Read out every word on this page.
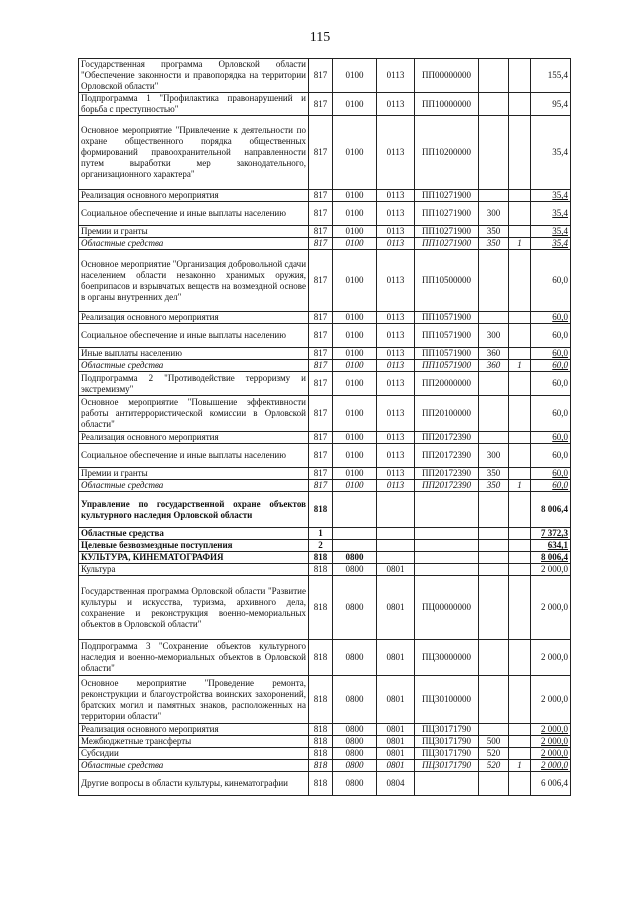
115
Государственная программа Орловской области "Обеспечение законности и правопорядка на территории Орловской области"	817	0100	0113	ПП00000000			155,4
Подпрограмма 1 "Профилактика правонарушений и борьба с преступностью"	817	0100	0113	ПП10000000			95,4
Основное мероприятие "Привлечение к деятельности по охране общественного порядка общественных формирований правоохранительной направленности путем выработки мер законодательного, организационного характера"	817	0100	0113	ПП10200000			35,4
Реализация основного мероприятия	817	0100	0113	ПП10271900			35,4
Социальное обеспечение и иные выплаты населению	817	0100	0113	ПП10271900	300		35,4
Премии и гранты	817	0100	0113	ПП10271900	350		35,4
Областные средства	817	0100	0113	ПП10271900	350	1	35,4
Основное мероприятие "Организация добровольной сдачи населением области незаконно хранимых оружия, боеприпасов и взрывчатых веществ на возмездной основе в органы внутренних дел"	817	0100	0113	ПП10500000			60,0
Реализация основного мероприятия	817	0100	0113	ПП10571900			60,0
Социальное обеспечение и иные выплаты населению	817	0100	0113	ПП10571900	300		60,0
Иные выплаты населению	817	0100	0113	ПП10571900	360		60,0
Областные средства	817	0100	0113	ПП10571900	360	1	60,0
Подпрограмма 2 "Противодействие терроризму и экстремизму"	817	0100	0113	ПП20000000			60,0
Основное мероприятие "Повышение эффективности работы антитеррористической комиссии в Орловской области"	817	0100	0113	ПП20100000			60,0
Реализация основного мероприятия	817	0100	0113	ПП20172390			60,0
Социальное обеспечение и иные выплаты населению	817	0100	0113	ПП20172390	300		60,0
Премии и гранты	817	0100	0113	ПП20172390	350		60,0
Областные средства	817	0100	0113	ПП20172390	350	1	60,0
Управление по государственной охране объектов культурного наследия Орловской области	818						8 006,4
Областные средства	1						7 372,3
Целевые безвозмездные поступления	2						634,1
КУЛЬТУРА, КИНЕМАТОГРАФИЯ	818	0800					8 006,4
Культура	818	0800	0801				2 000,0
Государственная программа Орловской области "Развитие культуры и искусства, туризма, архивного дела, сохранение и реконструкция военно-мемориальных объектов в Орловской области"	818	0800	0801	ПЦ00000000			2 000,0
Подпрограмма 3 "Сохранение объектов культурного наследия и военно-мемориальных объектов в Орловской области"	818	0800	0801	ПЦ30000000			2 000,0
Основное мероприятие "Проведение ремонта, реконструкции и благоустройства воинских захоронений, братских могил и памятных знаков, расположенных на территории области"	818	0800	0801	ПЦ30100000			2 000,0
Реализация основного мероприятия	818	0800	0801	ПЦ30171790			2 000,0
Межбюджетные трансферты	818	0800	0801	ПЦ30171790	500		2 000,0
Субсидии	818	0800	0801	ПЦ30171790	520		2 000,0
Областные средства	818	0800	0801	ПЦ30171790	520	1	2 000,0
Другие вопросы в области культуры, кинематографии	818	0800	0804				6 006,4
